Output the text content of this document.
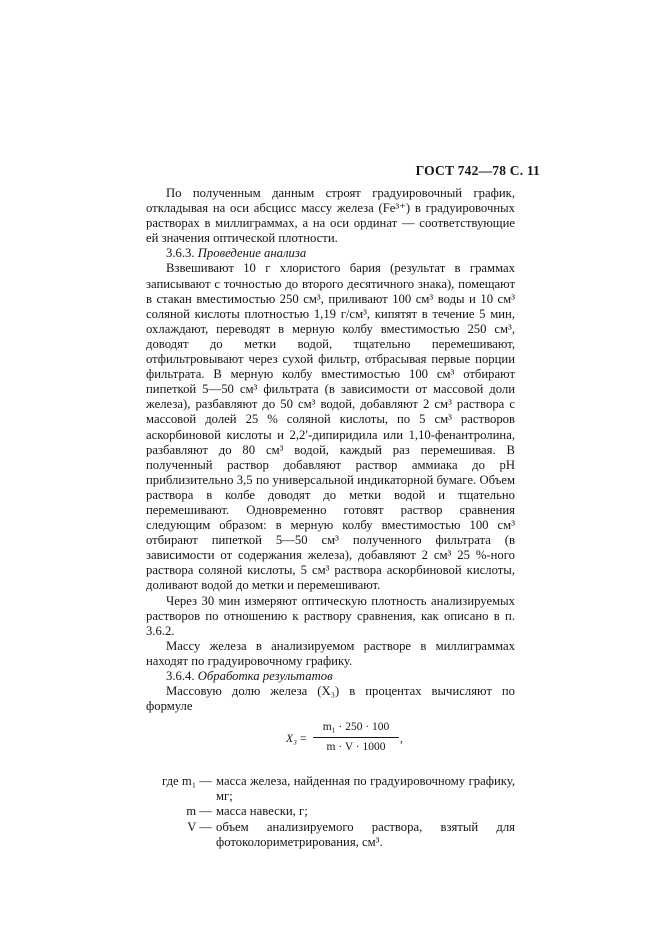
ГОСТ 742—78 С. 11

По полученным данным строят градуировочный график, откладывая на оси абсцисс массу железа (Fe³⁺) в градуировочных растворах в миллиграммах, а на оси ординат — соответствующие ей значения оптической плотности.

3.6.3. Проведение анализа

Взвешивают 10 г хлористого бария (результат в граммах записывают с точностью до второго десятичного знака), помещают в стакан вместимостью 250 см³, приливают 100 см³ воды и 10 см³ соляной кислоты плотностью 1,19 г/см³, кипятят в течение 5 мин, охлаждают, переводят в мерную колбу вместимостью 250 см³, доводят до метки водой, тщательно перемешивают, отфильтровывают через сухой фильтр, отбрасывая первые порции фильтрата. В мерную колбу вместимостью 100 см³ отбирают пипеткой 5—50 см³ фильтрата (в зависимости от массовой доли железа), разбавляют до 50 см³ водой, добавляют 2 см³ раствора с массовой долей 25 % соляной кислоты, по 5 см³ растворов аскорбиновой кислоты и 2,2′-дипиридила или 1,10-фенантролина, разбавляют до 80 см³ водой, каждый раз перемешивая. В полученный раствор добавляют раствор аммиака до pH приблизительно 3,5 по универсальной индикаторной бумаге. Объем раствора в колбе доводят до метки водой и тщательно перемешивают. Одновременно готовят раствор сравнения следующим образом: в мерную колбу вместимостью 100 см³ отбирают пипеткой 5—50 см³ полученного фильтрата (в зависимости от содержания железа), добавляют 2 см³ 25 %-ного раствора соляной кислоты, 5 см³ раствора аскорбиновой кислоты, доливают водой до метки и перемешивают.

Через 30 мин измеряют оптическую плотность анализируемых растворов по отношению к раствору сравнения, как описано в п. 3.6.2.

Массу железа в анализируемом растворе в миллиграммах находят по градуировочному графику.

3.6.4. Обработка результатов

Массовую долю железа (X₃) в процентах вычисляют по формуле

X₃ =
m₁ · 250 · 100
m · V · 1000
,
где m₁ — масса железа, найденная по градуировочному графику, мг;
m — масса навески, г;
V — объем анализируемого раствора, взятый для фотоколориметрирования, см³.
